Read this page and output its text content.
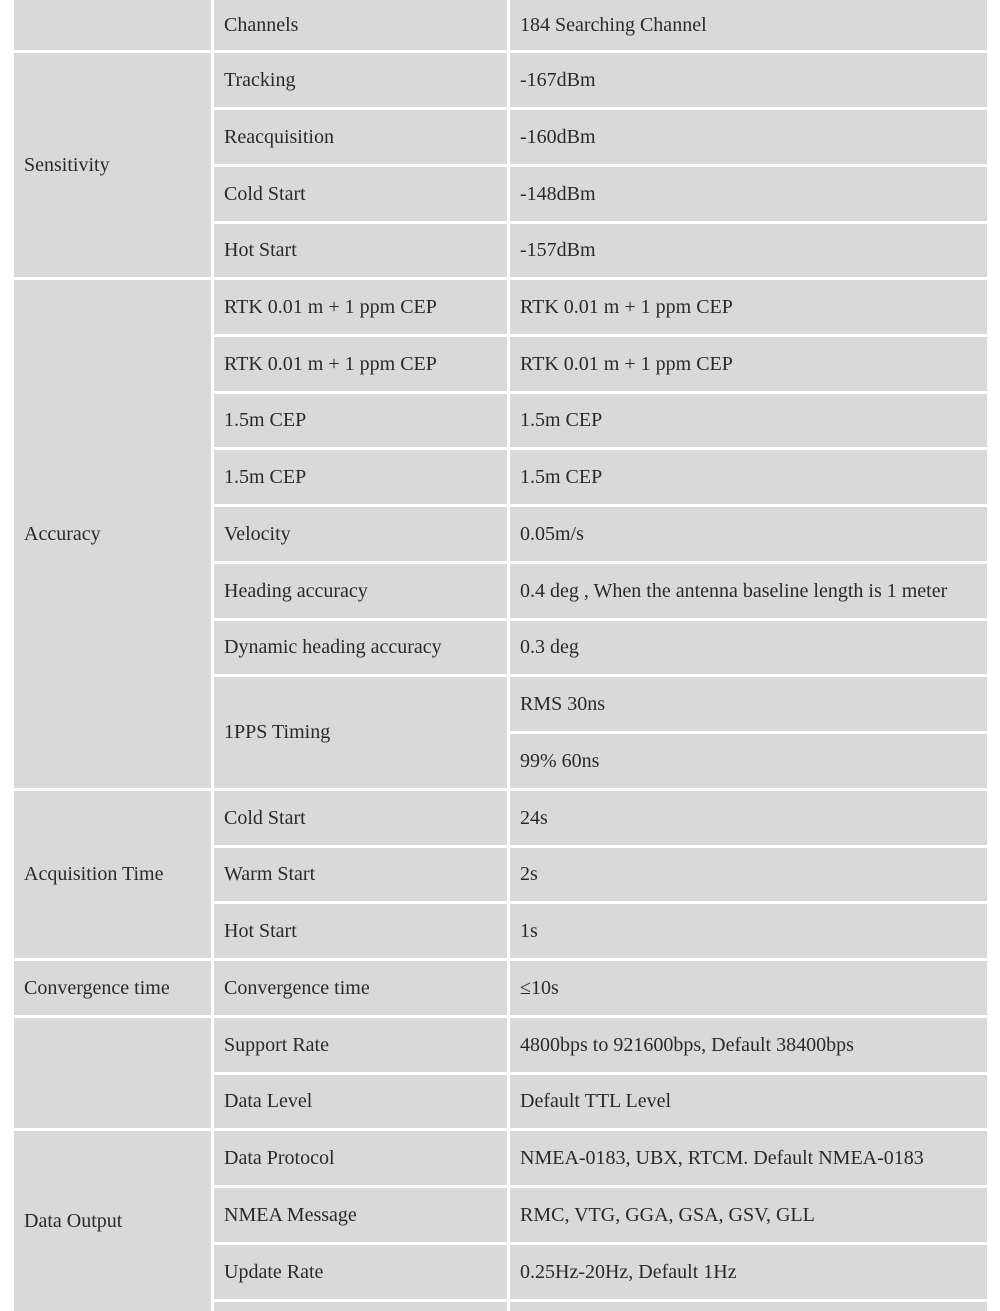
Sensitivity
Accuracy
Acquisition Time
Convergence time
Data Output
Channels
Tracking
Reacquisition
Cold Start
Hot Start
RTK 0.01 m + 1 ppm CEP
RTK 0.01 m + 1 ppm CEP
1.5m CEP
1.5m CEP
Velocity
Heading accuracy
Dynamic heading accuracy
1PPS Timing
Cold Start
Warm Start
Hot Start
Convergence time
Support Rate
Data Level
Data Protocol
NMEA Message
Update Rate
184 Searching Channel
-167dBm
-160dBm
-148dBm
-157dBm
RTK 0.01 m + 1 ppm CEP
RTK 0.01 m + 1 ppm CEP
1.5m CEP
1.5m CEP
0.05m/s
0.4 deg , When the antenna baseline length is 1 meter
0.3 deg
RMS 30ns
99% 60ns
24s
2s
1s
≤10s
4800bps to 921600bps, Default 38400bps
Default TTL Level
NMEA-0183, UBX, RTCM. Default NMEA-0183
RMC, VTG, GGA, GSA, GSV, GLL
0.25Hz-20Hz, Default 1Hz
